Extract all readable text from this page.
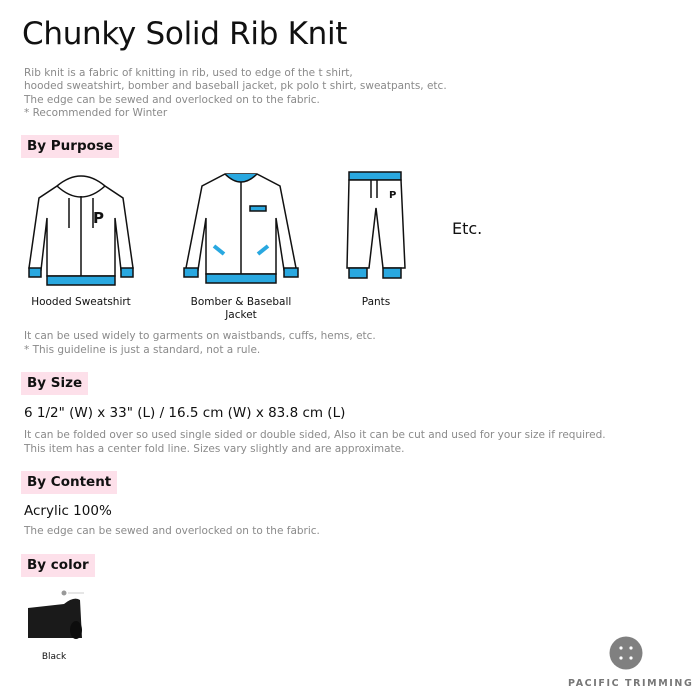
Chunky Solid Rib Knit
Rib knit is a fabric of knitting in rib, used to edge of the t shirt,
hooded sweatshirt, bomber and baseball jacket, pk polo t shirt, sweatpants, etc.
The edge can be sewed and overlocked on to the fabric.
* Recommended for Winter
By Purpose
P
P
Etc.
Hooded Sweatshirt	Bomber & Baseball Jacket
Pants
It can be used widely to garments on waistbands, cuffs, hems, etc.
* This guideline is just a standard, not a rule.
By Size
6 1/2" (W) x 33" (L) / 16.5 cm (W) x 83.8 cm (L)
It can be folded over so used single sided or double sided, Also it can be cut and used for your size if required.
This item has a center fold line. Sizes vary slightly and are approximate.
By Content
Acrylic 100%
The edge can be sewed and overlocked on to the fabric.
By color
Black
PACIFIC TRIMMING
